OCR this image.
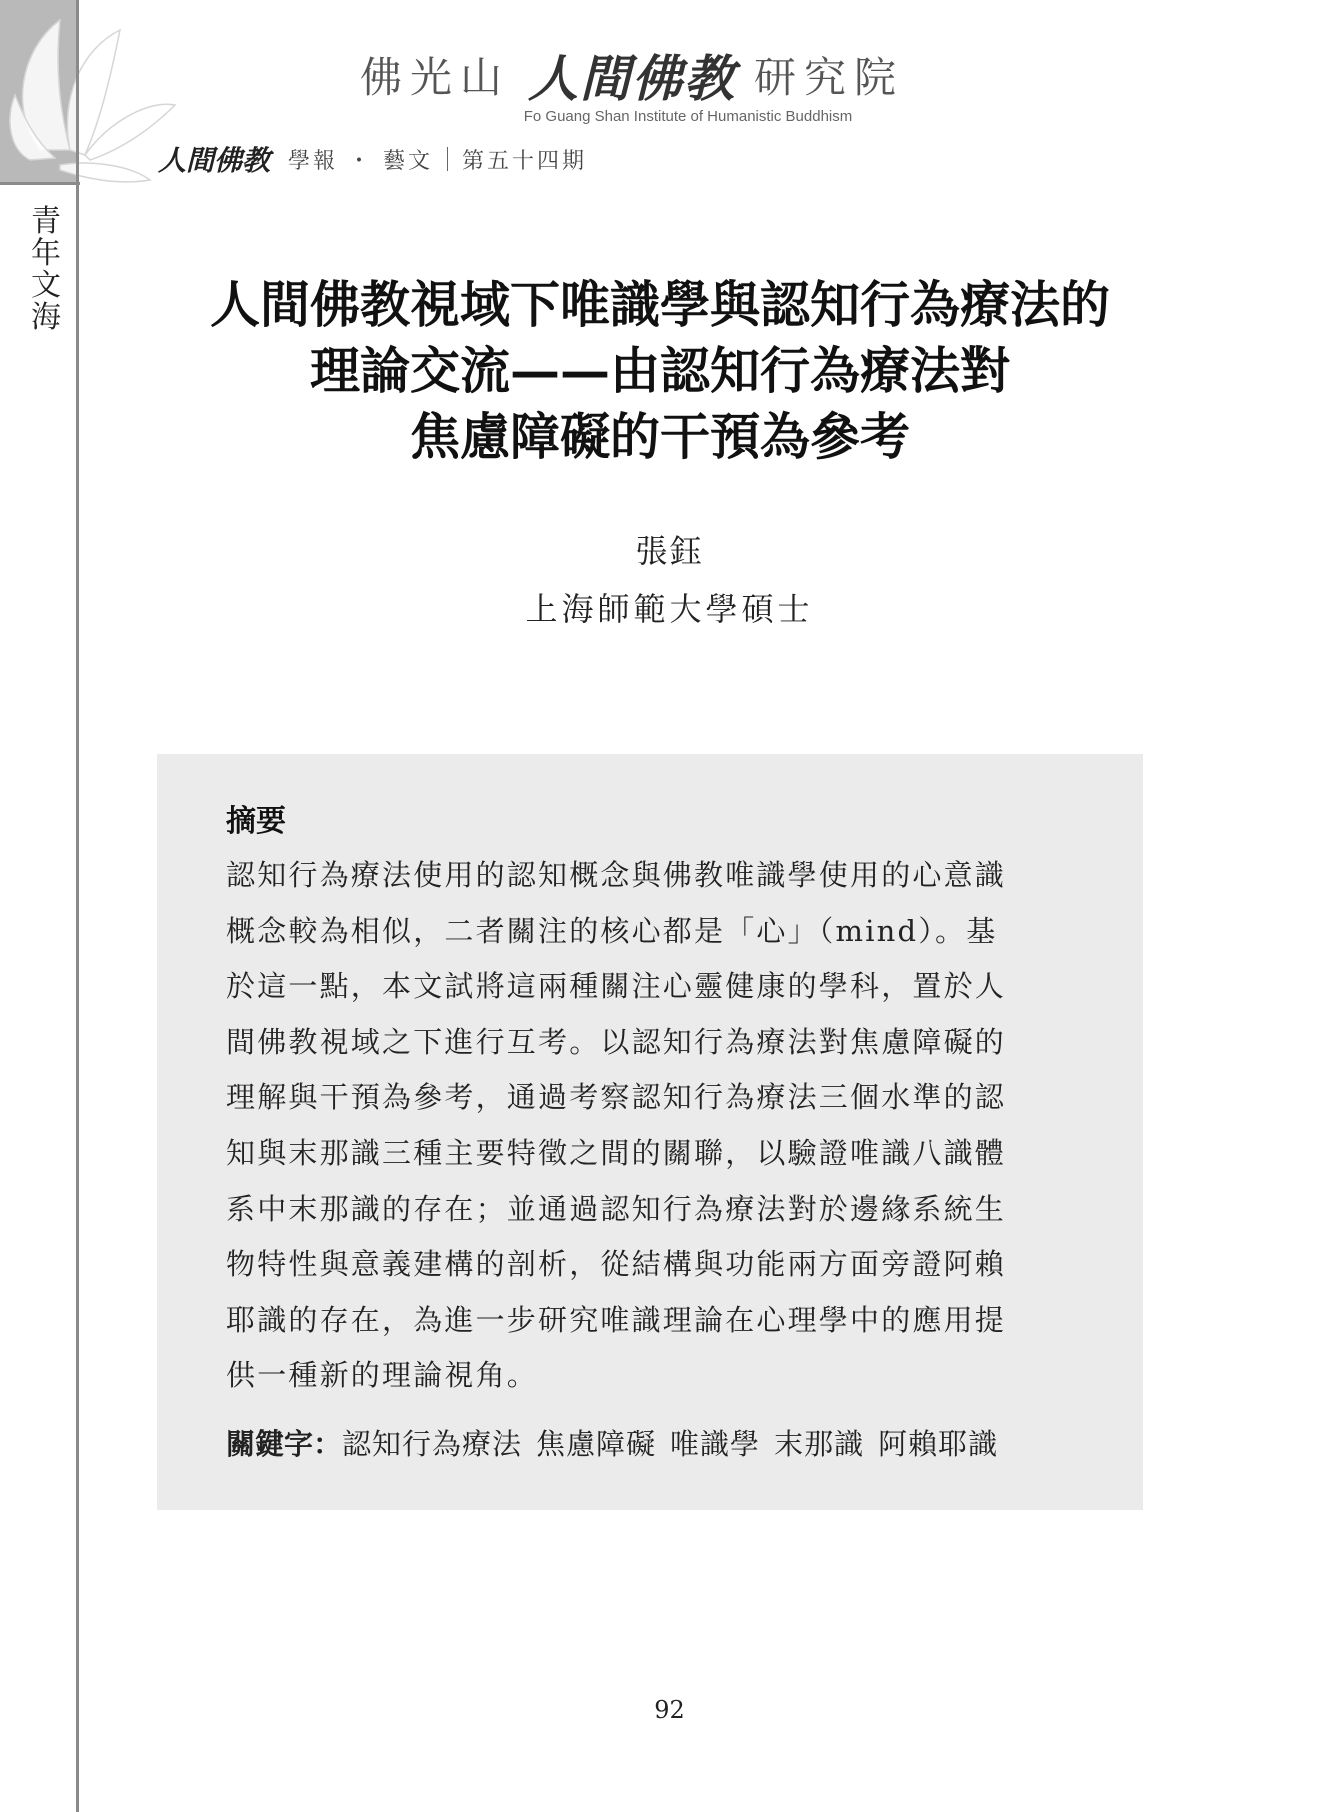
青
年
文
海
佛光山 人間佛教 研究院
Fo Guang Shan Institute of Humanistic Buddhism
人間佛教 學報 ・ 藝文 第五十四期
人間佛教視域下唯識學與認知行為療法的
理論交流——由認知行為療法對
焦慮障礙的干預為參考
張鈺
上海師範大學碩士
摘要
認知行為療法使用的認知概念與佛教唯識學使用的心意識
概念較為相似，二者關注的核心都是「心」（mind）。基
於這一點，本文試將這兩種關注心靈健康的學科，置於人
間佛教視域之下進行互考。以認知行為療法對焦慮障礙的
理解與干預為參考，通過考察認知行為療法三個水準的認
知與末那識三種主要特徵之間的關聯，以驗證唯識八識體
系中末那識的存在；並通過認知行為療法對於邊緣系統生
物特性與意義建構的剖析，從結構與功能兩方面旁證阿賴
耶識的存在，為進一步研究唯識理論在心理學中的應用提
供一種新的理論視角。
關鍵字：認知行為療法 焦慮障礙 唯識學 末那識 阿賴耶識
92
